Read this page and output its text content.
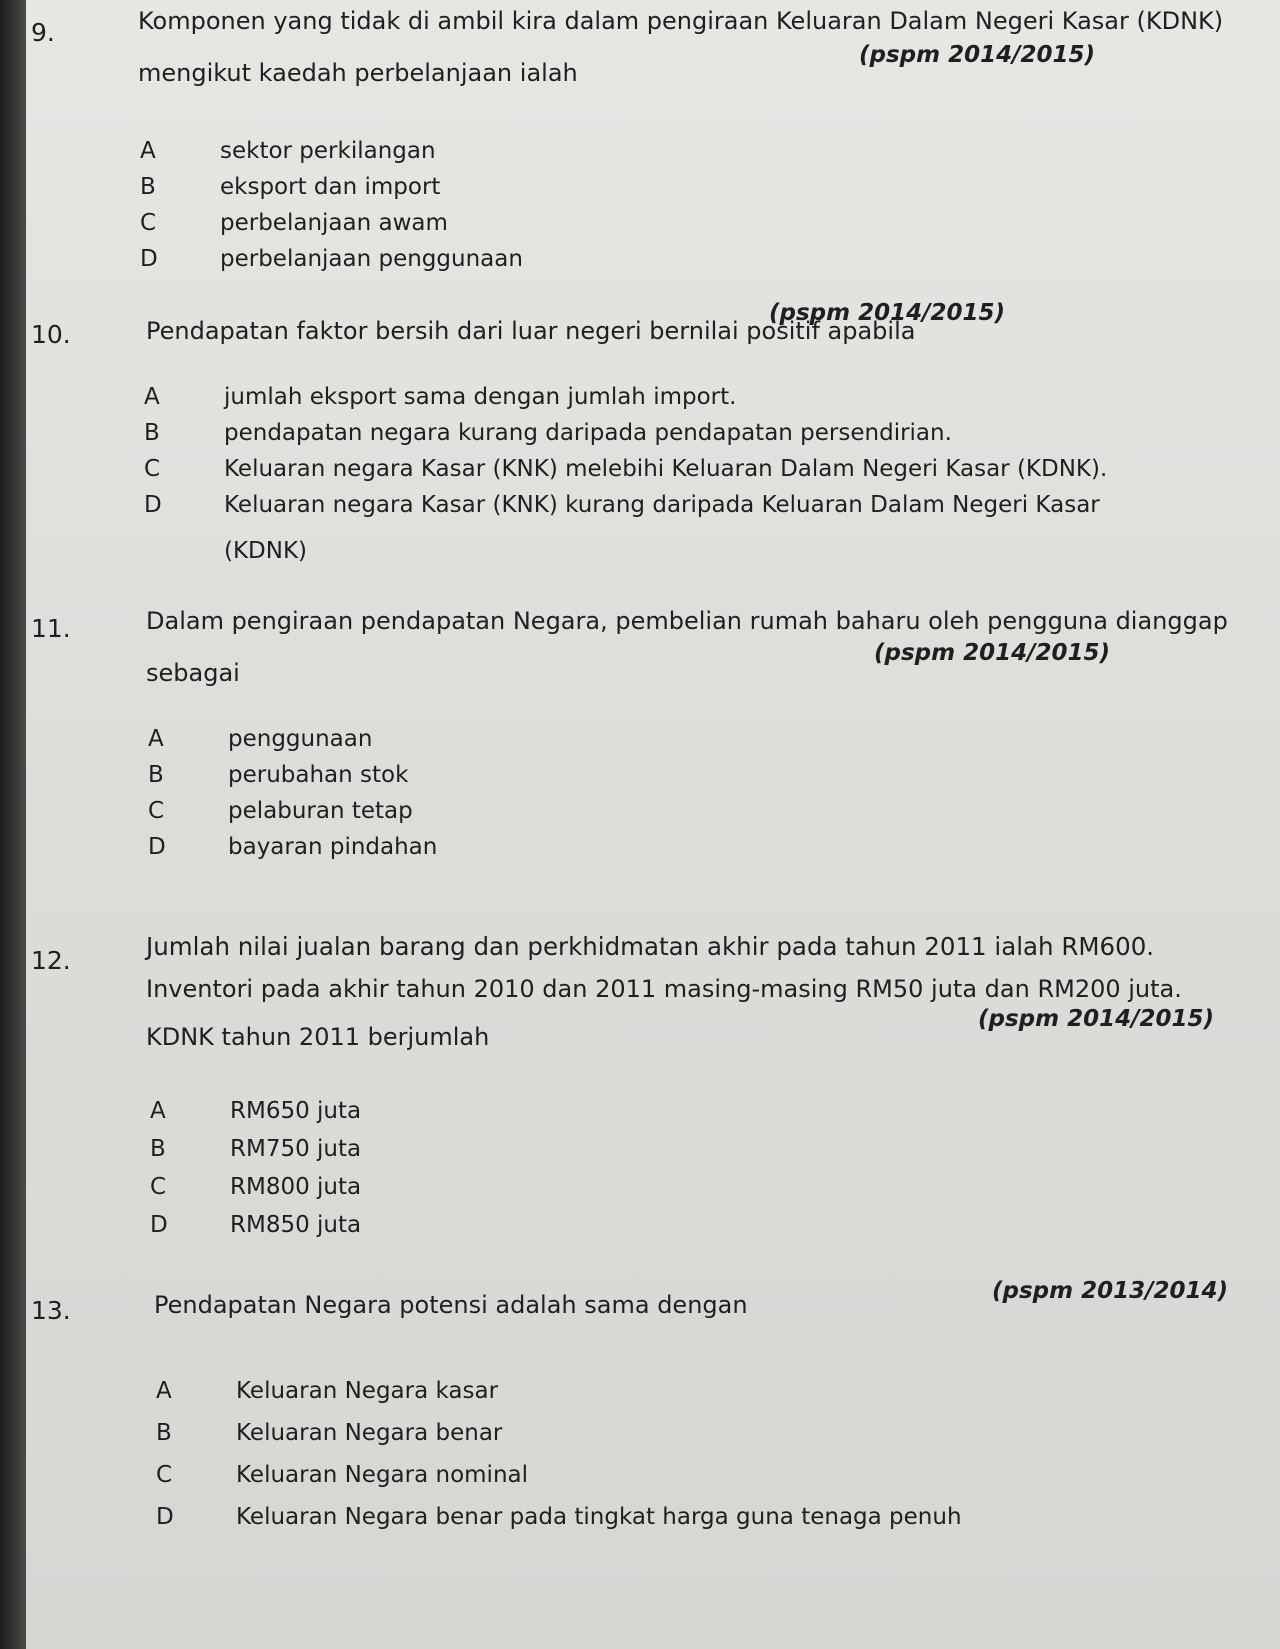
9.	Komponen yang tidak di ambil kira dalam pengiraan Keluaran Dalam Negeri Kasar (KDNK)
mengikut kaedah perbelanjaan ialah
(pspm 2014/2015)
A	sektor perkilangan
B	eksport dan import
C	perbelanjaan awam
D	perbelanjaan penggunaan
10.	Pendapatan faktor bersih dari luar negeri bernilai positif apabila
(pspm 2014/2015)
A	jumlah eksport sama dengan jumlah import.
B	pendapatan negara kurang daripada pendapatan persendirian.
C	Keluaran negara Kasar (KNK) melebihi Keluaran Dalam Negeri Kasar (KDNK).
D	Keluaran negara Kasar (KNK) kurang daripada Keluaran Dalam Negeri Kasar
(KDNK)
11.	Dalam pengiraan pendapatan Negara, pembelian rumah baharu oleh pengguna dianggap
sebagai
(pspm 2014/2015)
A	penggunaan
B	perubahan stok
C	pelaburan tetap
D	bayaran pindahan
12.	Jumlah nilai jualan barang dan perkhidmatan akhir pada tahun 2011 ialah RM600.
Inventori pada akhir tahun 2010 dan 2011 masing-masing RM50 juta dan RM200 juta.
KDNK tahun 2011 berjumlah
(pspm 2014/2015)
A	RM650 juta
B	RM750 juta
C	RM800 juta
D	RM850 juta
13.	Pendapatan Negara potensi adalah sama dengan	(pspm 2013/2014)
A	Keluaran Negara kasar
B	Keluaran Negara benar
C	Keluaran Negara nominal
D	Keluaran Negara benar pada tingkat harga guna tenaga penuh
